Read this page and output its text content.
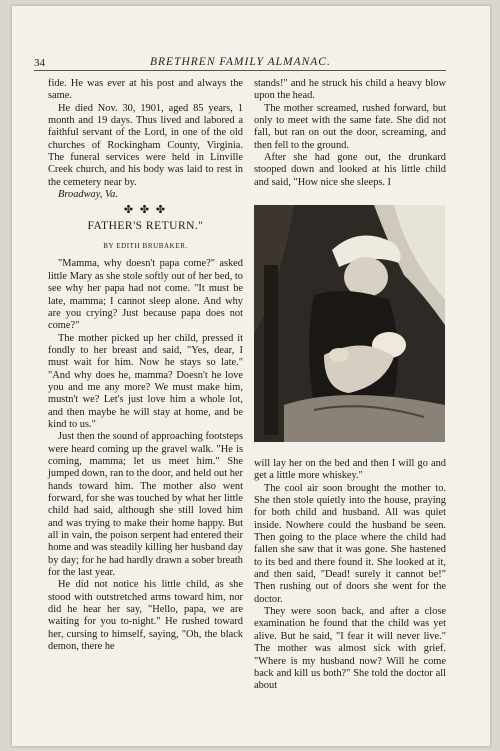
34	BRETHREN FAMILY ALMANAC.

fide. He was ever at his post and always the same.

He died Nov. 30, 1901, aged 85 years, 1 month and 19 days. Thus lived and labored a faithful servant of the Lord, in one of the old churches of Rockingham County, Virginia. The funeral services were held in Linville Creek church, and his body was laid to rest in the cemetery near by.

Broadway, Va.

✤ ✤ ✤
FATHER'S RETURN."
BY EDITH BRUBAKER.

"Mamma, why doesn't papa come?" asked little Mary as she stole softly out of her bed, to see why her papa had not come. "It must be late, mamma; I cannot sleep alone. And why are you crying? Just because papa does not come?"

The mother picked up her child, pressed it fondly to her breast and said, "Yes, dear, I must wait for him. Now he stays so late." "And why does he, mamma? Doesn't he love you and me any more? We must make him, mustn't we? Let's just love him a whole lot, and then maybe he will stay at home, and be kind to us."

Just then the sound of approaching footsteps were heard coming up the gravel walk. "He is coming, mamma; let us meet him." She jumped down, ran to the door, and held out her hands toward him. The mother also went forward, for she was touched by what her little child had said, although she still loved him and was trying to make their home happy. But all in vain, the poison serpent had entered their home and was steadily killing her husband day by day; for he had hardly drawn a sober breath for the last year.

He did not notice his little child, as she stood with outstretched arms toward him, nor did he hear her say, "Hello, papa, we are waiting for you to-night." He rushed toward her, cursing to himself, saying, "Oh, the black demon, there he

stands!" and he struck his child a heavy blow upon the head.

The mother screamed, rushed forward, but only to meet with the same fate. She did not fall, but ran on out the door, screaming, and then fell to the ground.

After she had gone out, the drunkard stooped down and looked at his little child and said, "How nice she sleeps. I

will lay her on the bed and then I will go and get a little more whiskey."

The cool air soon brought the mother to. She then stole quietly into the house, praying for both child and husband. All was quiet inside. Nowhere could the husband be seen. Then going to the place where the child had fallen she saw that it was gone. She hastened to its bed and there found it. She looked at it, and then said, "Dead! surely it cannot be!" Then rushing out of doors she went for the doctor.

They were soon back, and after a close examination he found that the child was yet alive. But he said, "I fear it will never live." The mother was almost sick with grief. "Where is my husband now? Will he come back and kill us both?" She told the doctor all about
